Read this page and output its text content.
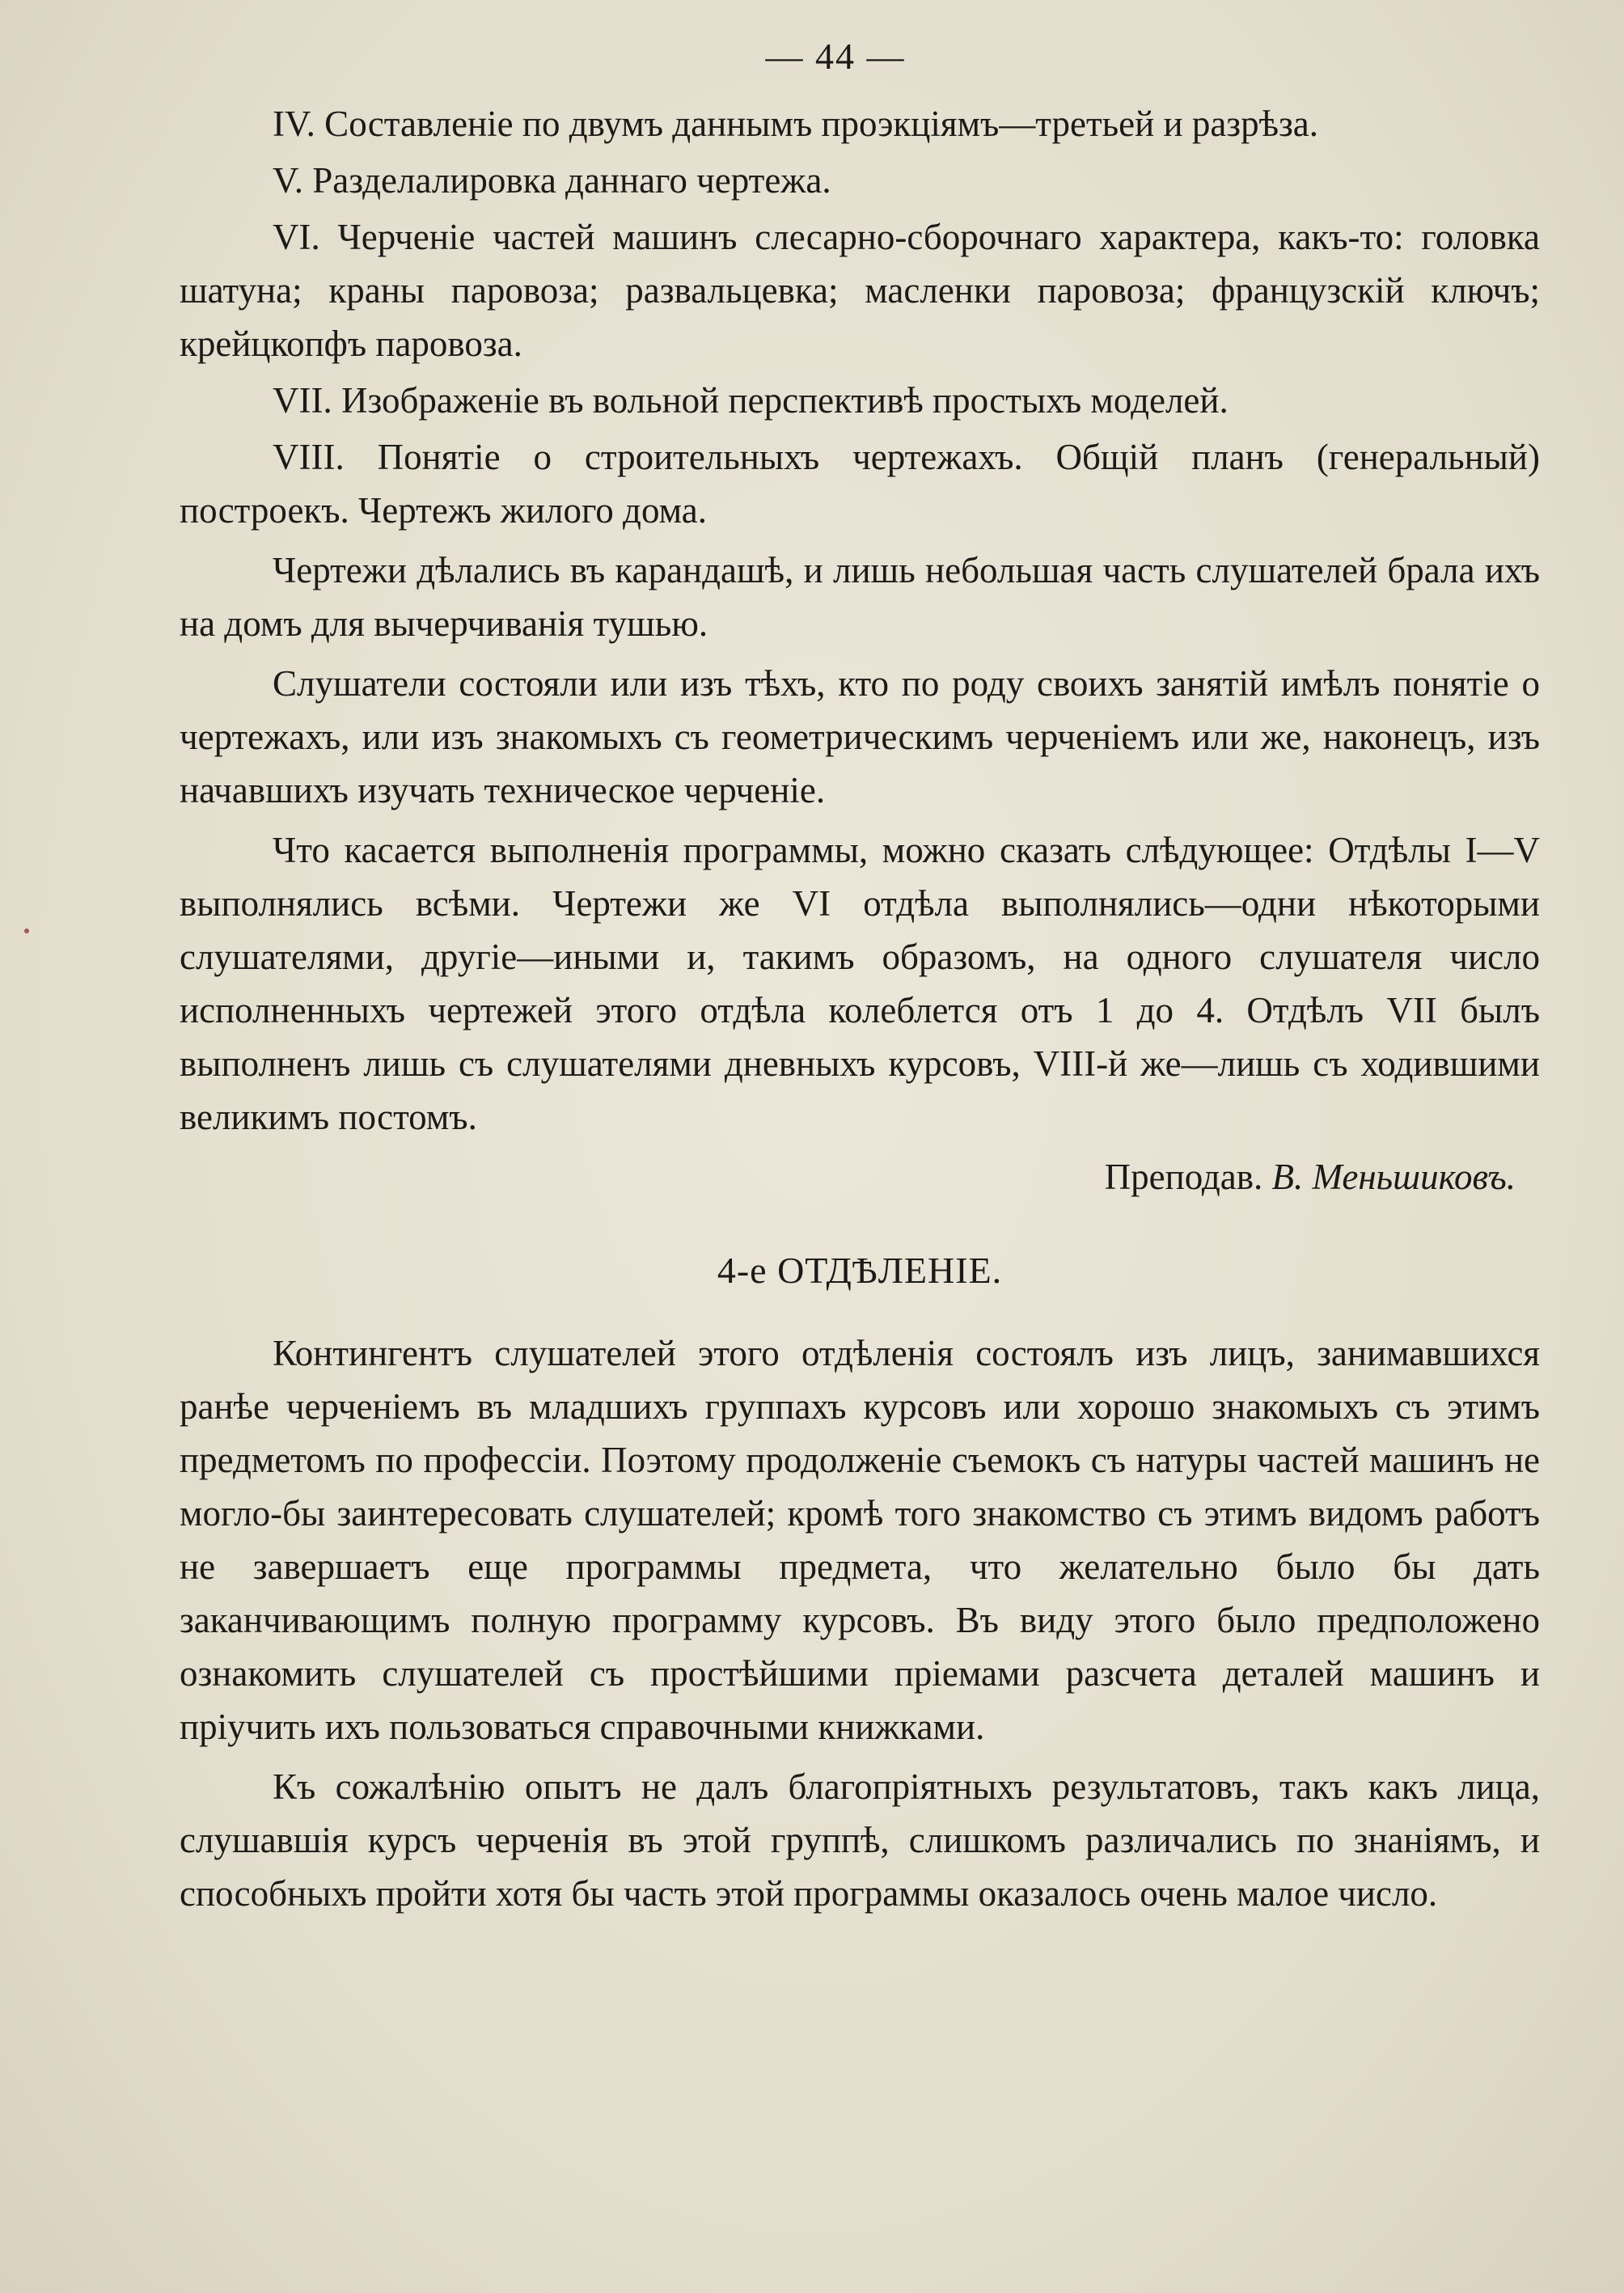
— 44 —

IV. Составленіе по двумъ даннымъ проэкціямъ—третьей и разрѣза.

V. Разделалировка даннаго чертежа.

VI. Черченіе частей машинъ слесарно-сборочнаго характера, какъ-то: головка шатуна; краны паровоза; развальцевка; масленки паровоза; французскій ключъ; крейцкопфъ паровоза.

VII. Изображеніе въ вольной перспективѣ простыхъ моделей.

VIII. Понятіе о строительныхъ чертежахъ. Общій планъ (генеральный) построекъ. Чертежъ жилого дома.

Чертежи дѣлались въ карандашѣ, и лишь небольшая часть слушателей брала ихъ на домъ для вычерчиванія тушью.

Слушатели состояли или изъ тѣхъ, кто по роду своихъ занятій имѣлъ понятіе о чертежахъ, или изъ знакомыхъ съ геометрическимъ черченіемъ или же, наконецъ, изъ начавшихъ изучать техническое черченіе.

Что касается выполненія программы, можно сказать слѣдующее: Отдѣлы I—V выполнялись всѣми. Чертежи же VI отдѣла выполнялись—одни нѣкоторыми слушателями, другіе—иными и, такимъ образомъ, на одного слушателя число исполненныхъ чертежей этого отдѣла колеблется отъ 1 до 4. Отдѣлъ VII былъ выполненъ лишь съ слушателями дневныхъ курсовъ, VIII-й же—лишь съ ходившими великимъ постомъ.

Преподав. В. Меньшиковъ.
4-е ОТДѢЛЕНІЕ.

Контингентъ слушателей этого отдѣленія состоялъ изъ лицъ, занимавшихся ранѣе черченіемъ въ младшихъ группахъ курсовъ или хорошо знакомыхъ съ этимъ предметомъ по профессіи. Поэтому продолженіе съемокъ съ натуры частей машинъ не могло-бы заинтересовать слушателей; кромѣ того знакомство съ этимъ видомъ работъ не завершаетъ еще программы предмета, что желательно было бы дать заканчивающимъ полную программу курсовъ. Въ виду этого было предположено ознакомить слушателей съ простѣйшими пріемами разсчета деталей машинъ и пріучить ихъ пользоваться справочными книжками.

Къ сожалѣнію опытъ не далъ благопріятныхъ результатовъ, такъ какъ лица, слушавшія курсъ черченія въ этой группѣ, слишкомъ различались по знаніямъ, и способныхъ пройти хотя бы часть этой программы оказалось очень малое число.
